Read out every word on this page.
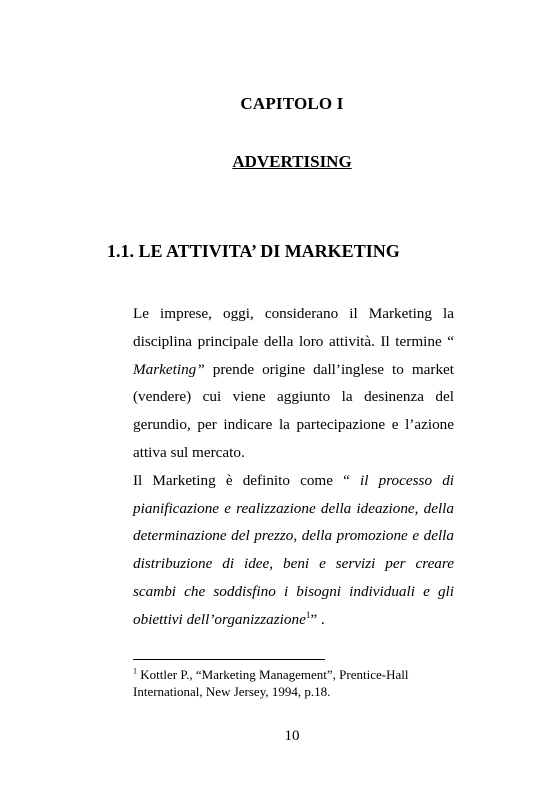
CAPITOLO I
ADVERTISING
1.1. LE ATTIVITA’ DI MARKETING

Le imprese, oggi, considerano il Marketing la disciplina principale della loro attività. Il termine “ Marketing” prende origine dall’inglese to market (vendere) cui viene aggiunto la desinenza del gerundio, per indicare la partecipazione e l’azione attiva sul mercato.

Il Marketing è definito come “ il processo di pianificazione e realizzazione della ideazione, della determinazione del prezzo, della promozione e della distribuzione di idee, beni e servizi per creare scambi che soddisfino i bisogni individuali e gli obiettivi dell’organizzazione$^1$” .

$^1$ Kottler P., “Marketing Management”, Prentice-Hall International, New Jersey, 1994, p.18.

10
